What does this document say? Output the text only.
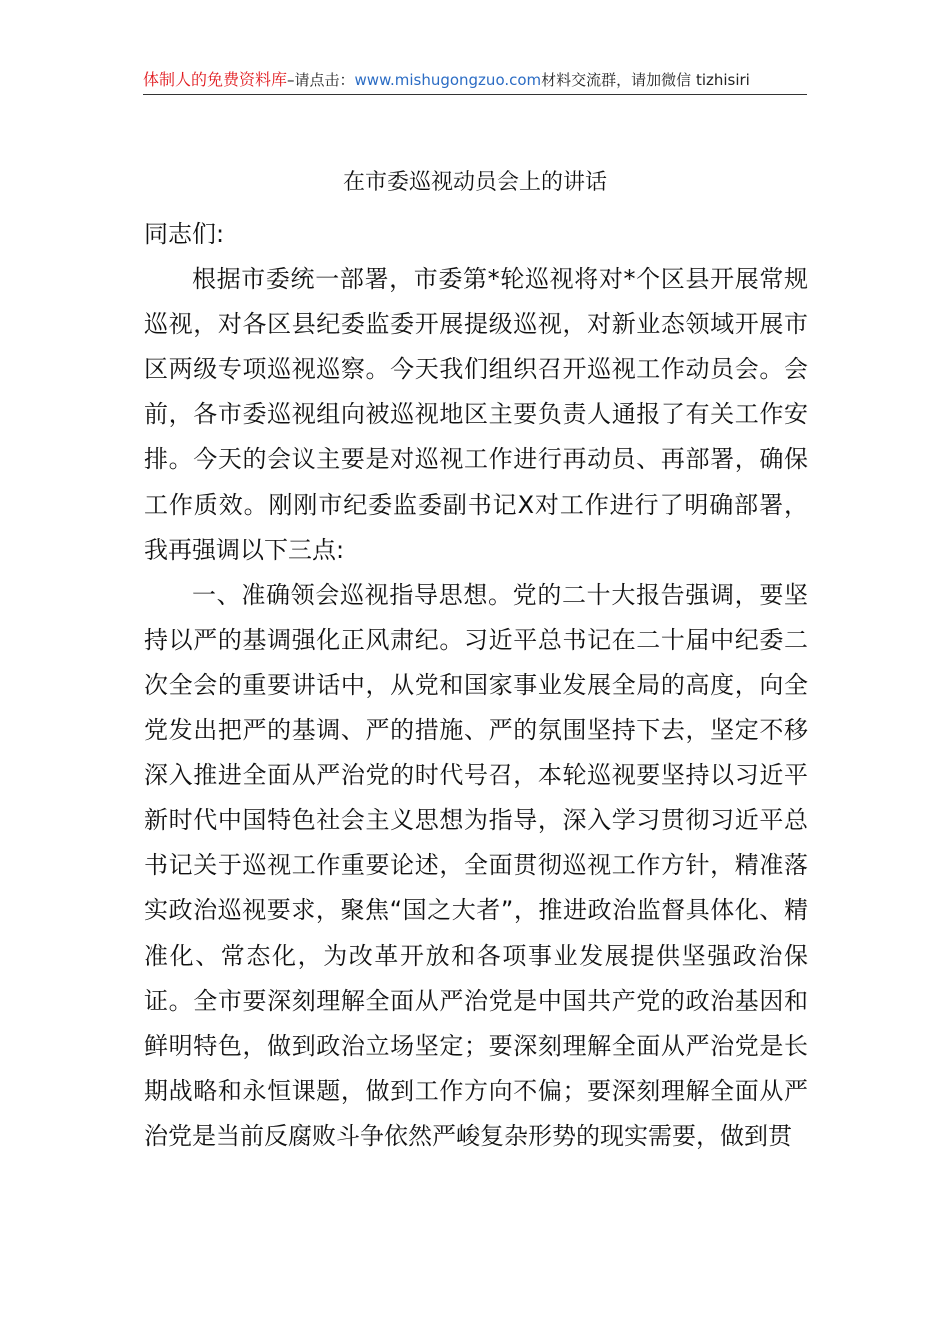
体制人的免费资料库–请点击：www.mishugongzuo.com材料交流群，请加微信 tizhisiri
在市委巡视动员会上的讲话

同志们:

根据市委统一部署，市委第*轮巡视将对*个区县开展常规巡视，对各区县纪委监委开展提级巡视，对新业态领域开展市区两级专项巡视巡察。今天我们组织召开巡视工作动员会。会前，各市委巡视组向被巡视地区主要负责人通报了有关工作安排。今天的会议主要是对巡视工作进行再动员、再部署，确保工作质效。刚刚市纪委监委副书记X对工作进行了明确部署，我再强调以下三点:

一、准确领会巡视指导思想。党的二十大报告强调，要坚持以严的基调强化正风肃纪。习近平总书记在二十届中纪委二次全会的重要讲话中，从党和国家事业发展全局的高度，向全党发出把严的基调、严的措施、严的氛围坚持下去，坚定不移深入推进全面从严治党的时代号召，本轮巡视要坚持以习近平新时代中国特色社会主义思想为指导，深入学习贯彻习近平总书记关于巡视工作重要论述，全面贯彻巡视工作方针，精准落实政治巡视要求，聚焦“国之大者”，推进政治监督具体化、精准化、常态化，为改革开放和各项事业发展提供坚强政治保证。全市要深刻理解全面从严治党是中国共产党的政治基因和鲜明特色，做到政治立场坚定；要深刻理解全面从严治党是长期战略和永恒课题，做到工作方向不偏；要深刻理解全面从严治党是当前反腐败斗争依然严峻复杂形势的现实需要，做到贯
